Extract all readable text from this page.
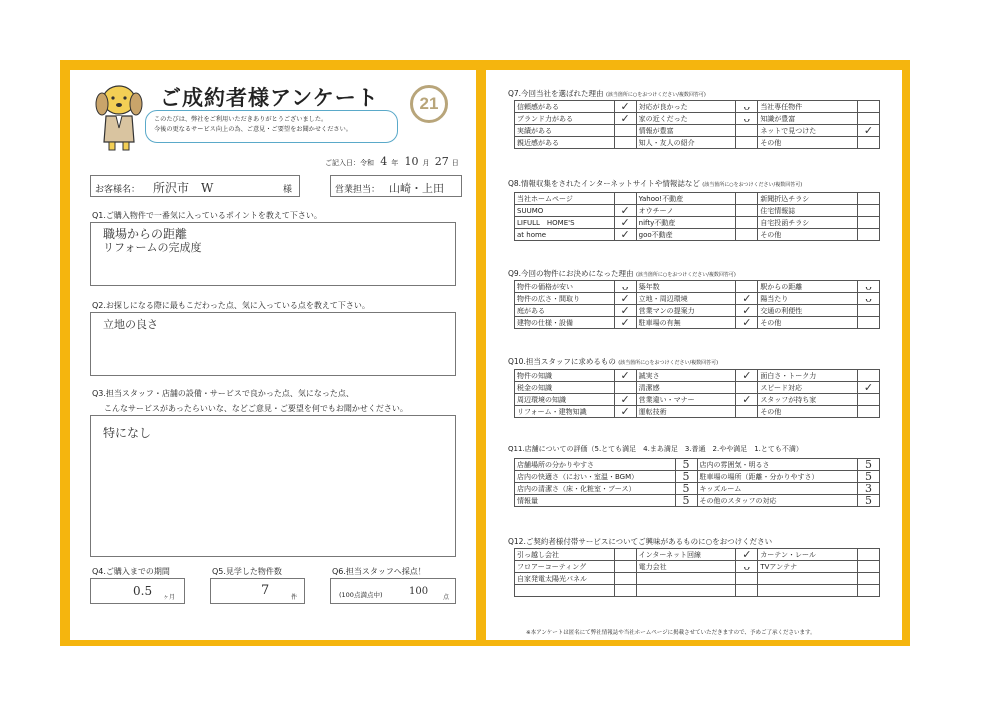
ご成約者様アンケート
このたびは、弊社をご利用いただきありがとうございました。
今後の更なるサービス向上の為、ご意見・ご要望をお聞かせください。
21
ご記入日：令和 4 年 10 月 27 日
お客様名： 所沢市　W	様	営業担当： 山崎・上田
Q1.ご購入物件で一番気に入っているポイントを教えて下さい。
職場からの距離
リフォームの完成度
Q2.お探しになる際に最もこだわった点、気に入っている点を教えて下さい。
立地の良さ
Q3.担当スタッフ・店舗の設備・サービスで良かった点、気になった点、
こんなサービスがあったらいいな、などご意見・ご要望を何でもお聞かせください。
特になし
Q4.ご購入までの期間
0.5 ヶ月
Q5.見学した物件数
7	件
Q6.担当スタッフへ採点！
(100点満点中)	100
点
Q7.今回当社を選ばれた理由 (該当箇所に○をおつけください/複数回答可)
信頼感がある	✓	対応が良かった	ᴗ	当社専任物件	
ブランド力がある	✓	家の近くだった	ᴗ	知識が豊富	
実績がある		情報が豊富		ネットで見つけた	✓
親近感がある		知人・友人の紹介		その他	
Q8.情報収集をされたインターネットサイトや情報誌など (該当箇所に○をおつけください/複数回答可)
当社ホームページ		Yahoo!不動産		新聞折込チラシ	
SUUMO	✓	オウチーノ		住宅情報誌	
LIFULL　HOME'S	✓	nifty不動産		自宅投函チラシ	
at home	✓	goo不動産		その他	
Q9.今回の物件にお決めになった理由 (該当箇所に○をおつけください/複数回答可)
物件の価格が安い	ᴗ	築年数		駅からの距離	ᴗ
物件の広さ・間取り	✓	立地・周辺環境	✓	陽当たり	ᴗ
庭がある	✓	営業マンの提案力	✓	交通の利便性	
建物の仕様・設備	✓	駐車場の有無	✓	その他	
Q10.担当スタッフに求めるもの (該当箇所に○をおつけください/複数回答可)
物件の知識	✓	誠実さ	✓	面白さ・トーク力	
税金の知識		清潔感		スピード対応	✓
周辺環境の知識	✓	営業違い・マナー	✓	スタッフが持ち家	
リフォーム・建物知識	✓	運転技術		その他	
Q11.店舗についての評価（5.とても満足　4.まあ満足　3.普通　2.やや満足　1.とても不満）
店舗場所の分かりやすさ	5	店内の雰囲気・明るさ	5
店内の快適さ（におい・室温・BGM）	5	駐車場の場所（距離・分かりやすさ）	5
店内の清潔さ（床・化粧室・ブース）	5	キッズルーム	3
情報量	5	その他のスタッフの対応	5
Q12.ご契約者様付帯サービスについてご興味があるものに○をおつけください
引っ越し会社		インターネット回線	✓	カーテン・レール	
フロアーコーティング		電力会社	ᴗ	TVアンテナ	
自家発電太陽光パネル					

※本アンケートは匿名にて弊社情報誌や当社ホームページに掲載させていただきますので、予めご了承くださいます。
